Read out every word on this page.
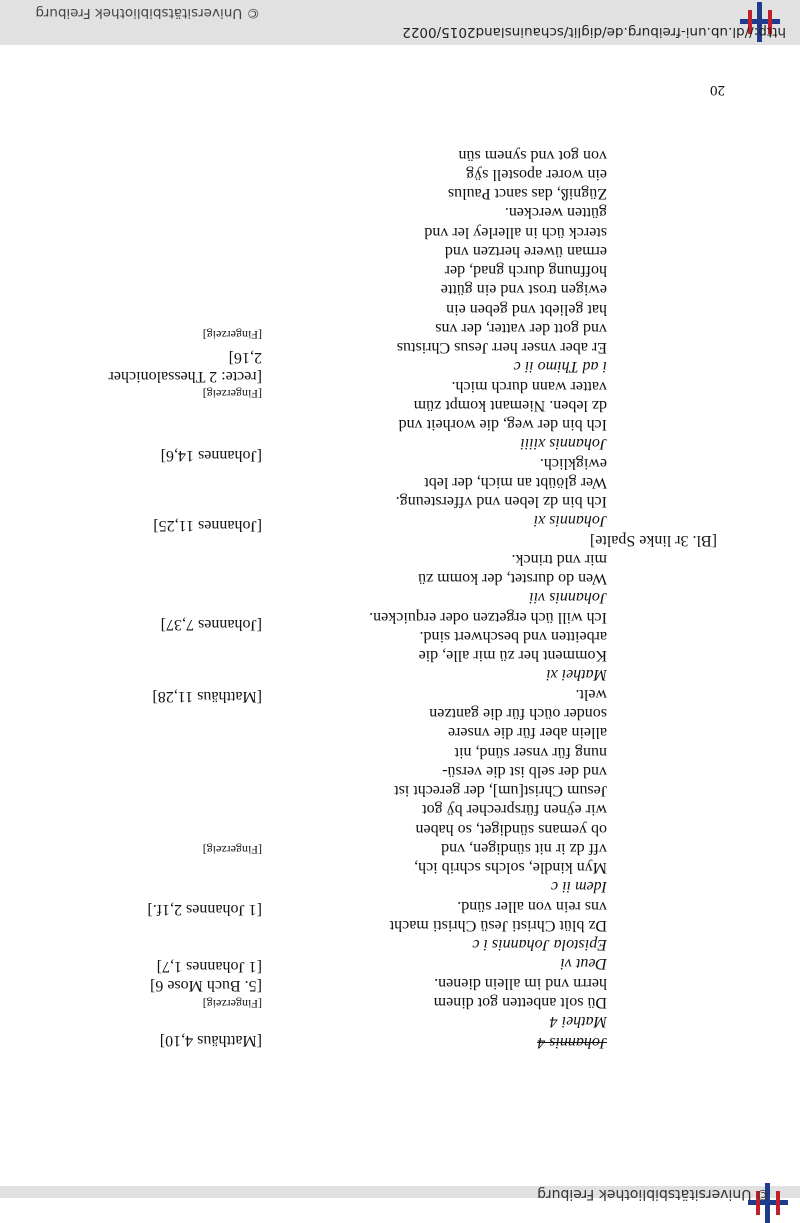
© Universitätsbibliothek Freiburg
Johannis 4
Mathei 4
Dü solt anbetten got dinem
herrn vnd im allein dienen.
Deut vi
Epistola Johannis i c
Dz blüt Christi Jesü Christi macht
vns rein von aller sünd.
Idem ii c
Myn kindle, solchs schrib ich,
vff dz ir nit sündigen, vnd
ob yemans sündiget, so haben
wir eÿnen fürsprecher bÿ got
Jesum Christ[um], der gerecht ist
vnd der selb ist die versü-
nung für vnser sünd, nit
allein aber für die vnsere
sonder oüch für die gantzen
welt.
Mathei xi
Komment her zü mir alle, die
arbeitten vnd beschwert sind.
Ich will üch ergetzen oder erquicken.
Johannis vii
Wen do durstet, der komm zü
mir vnd trinck.
[Bl. 3r linke Spalte]
Johannis xi
Ich bin dz leben vnd vffersteung.
Wer glöübt an mich, der lebt
ewigklich.
Johannis xiiii
Ich bin der weg, die worheit vnd
dz leben. Niemant kompt züm
vatter wann durch mich.
i ad Thimo ii c
Er aber vnser herr Jesus Christus
vnd gott der vatter, der vns
hat geliebt vnd geben ein
ewigen trost vnd ein gütte
hoffnung durch gnad, der
erman üwere hertzen vnd
sterck üch in allerley ler vnd
gütten wercken.
Zügniß, das sanct Paulus
ein worer apostell sÿg
von got vnd synem sün
[Matthäus 4,10]
[Fingerzeig]
[5. Buch Mose 6]
[1 Johannes 1,7]
[1 Johannes 2,1f.]
[Fingerzeig]
[Matthäus 11,28]
[Johannes 7,37]
[Johannes 11,25]
[Johannes 14,6]
[Fingerzeig]
[recte: 2 Thessalonicher
2,16]
[Fingerzeig]
20
http://dl.ub.uni-freiburg.de/diglit/schauinsland2015/0022
© Universitätsbibliothek Freiburg
